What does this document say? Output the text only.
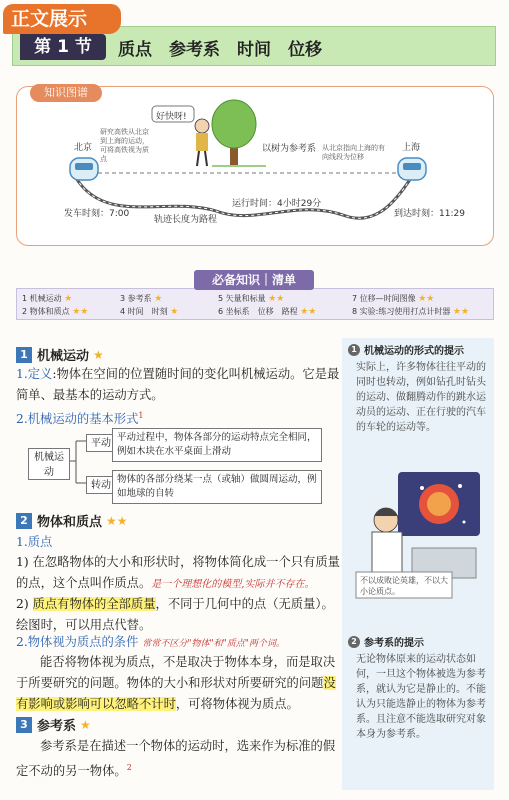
正文展示
第 1 节	质点　参考系　时间　位移
知识图谱
好快呀!
北京	上海
研究高铁从北京到上海的运动，可将高铁视为质点
以树为参考系 从北京指向上海的有向线段为位移
运行时间：4小时29分
发车时刻：7:00	到达时刻：11:29
轨迹长度为路程
必备知识｜清单
1 机械运动 ★
2 物体和质点 ★★
3 参考系 ★
4 时间　时刻 ★
5 矢量和标量 ★★
6 坐标系　位移　路程 ★★
7 位移—时间图像 ★★
8 实验:练习使用打点计时器 ★★
1 机械运动的形式的提示
实际上，许多物体往往平动的同时也转动，例如钻孔时钻头的运动、做翻腾动作的跳水运动员的运动、正在行驶的汽车的车轮的运动等。
不以成败论英雄，不以大小论质点。
2 参考系的提示
无论物体原来的运动状态如何，一旦这个物体被选为参考系，就认为它是静止的。不能认为只能选静止的物体为参考系。且注意不能选取研究对象本身为参考系。
1 机械运动 ★
1.定义:物体在空间的位置随时间的变化叫机械运动。它是最简单、最基本的运动方式。
2.机械运动的基本形式$^1$
机械运动
平动
平动过程中，物体各部分的运动特点完全相同，例如木块在水平桌面上滑动
转动
物体的各部分绕某一点（或轴）做圆周运动，例如地球的自转
2 物体和质点 ★★
1.质点
1) 在忽略物体的大小和形状时，将物体简化成一个只有质量的点，这个点叫作质点。是一个理想化的模型,实际并不存在。
2) 质点有物体的全部质量，不同于几何中的点（无质量）。绘图时，可以用点代替。
2.物体视为质点的条件 常常不区分"物体"和"质点"两个词。
能否将物体视为质点，不是取决于物体本身，而是取决于所要研究的问题。物体的大小和形状对所要研究的问题没有影响或影响可以忽略不计时，可将物体视为质点。
3 参考系 ★
参考系是在描述一个物体的运动时，选来作为标准的假定不动的另一物体。$^2$
